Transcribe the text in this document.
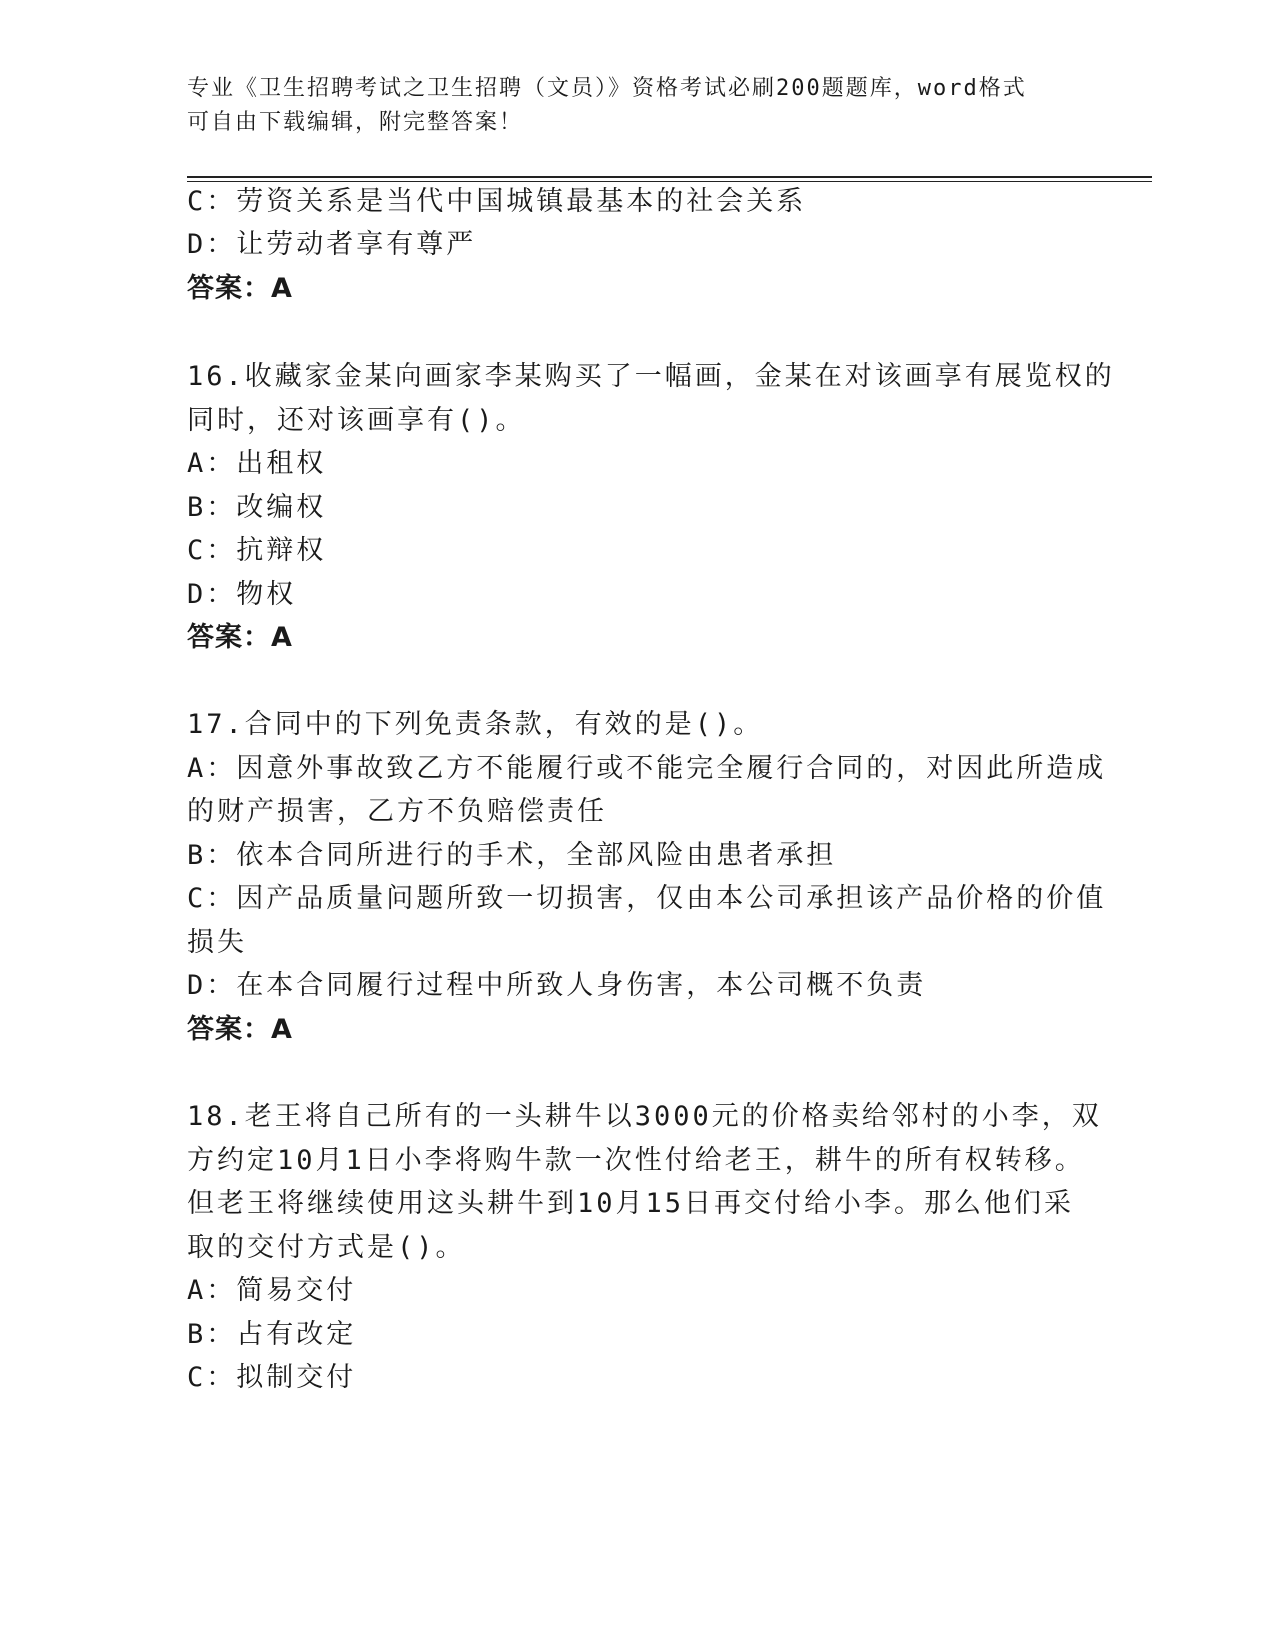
专业《卫生招聘考试之卫生招聘（文员）》资格考试必刷200题题库，word格式
可自由下载编辑，附完整答案！
C：劳资关系是当代中国城镇最基本的社会关系
D：让劳动者享有尊严
答案：A
16.收藏家金某向画家李某购买了一幅画，金某在对该画享有展览权的
同时，还对该画享有()。
A：出租权
B：改编权
C：抗辩权
D：物权
答案：A
17.合同中的下列免责条款，有效的是()。
A：因意外事故致乙方不能履行或不能完全履行合同的，对因此所造成
的财产损害，乙方不负赔偿责任
B：依本合同所进行的手术，全部风险由患者承担
C：因产品质量问题所致一切损害，仅由本公司承担该产品价格的价值
损失
D：在本合同履行过程中所致人身伤害，本公司概不负责
答案：A
18.老王将自己所有的一头耕牛以3000元的价格卖给邻村的小李，双
方约定10月1日小李将购牛款一次性付给老王，耕牛的所有权转移。
但老王将继续使用这头耕牛到10月15日再交付给小李。那么他们采
取的交付方式是()。
A：简易交付
B：占有改定
C：拟制交付
